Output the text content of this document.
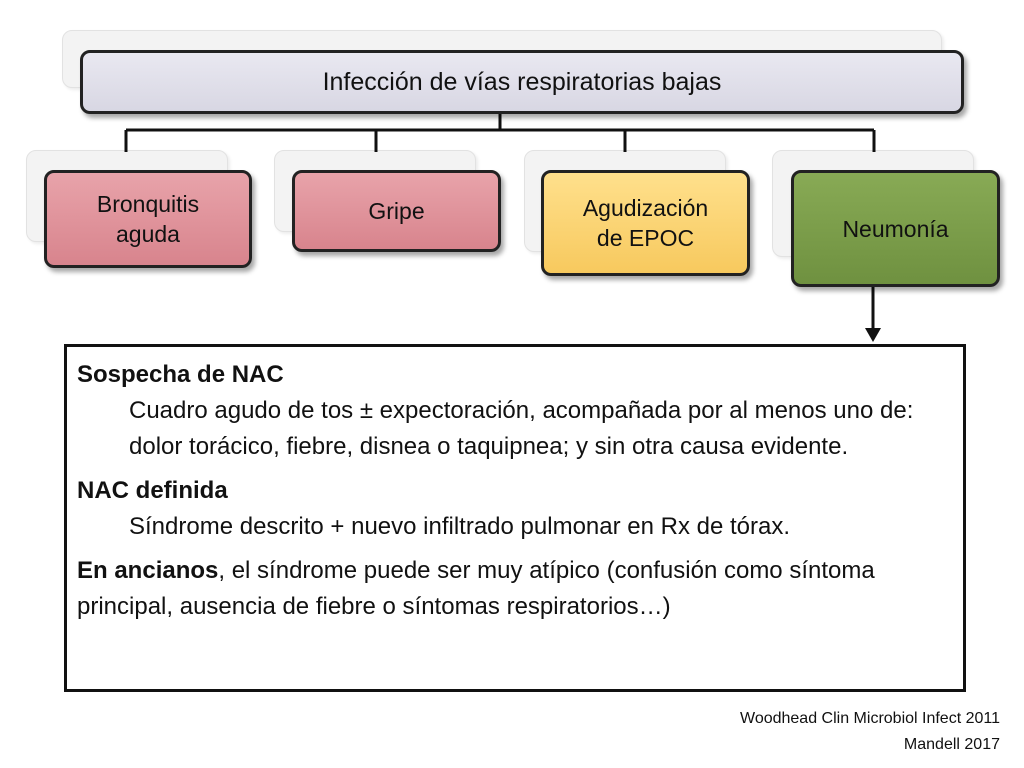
Infección de vías respiratorias bajas
Bronquitis
aguda
Gripe	Agudización
de EPOC	Neumonía

Sospecha de NAC

Cuadro agudo de tos ± expectoración, acompañada por al menos uno de: dolor torácico, fiebre, disnea o taquipnea; y sin otra causa evidente.

NAC definida

Síndrome descrito + nuevo infiltrado pulmonar en Rx de tórax.

En ancianos, el síndrome puede ser muy atípico (confusión como síntoma principal, ausencia de fiebre o síntomas respiratorios…)

Woodhead Clin Microbiol Infect 2011
Mandell 2017
